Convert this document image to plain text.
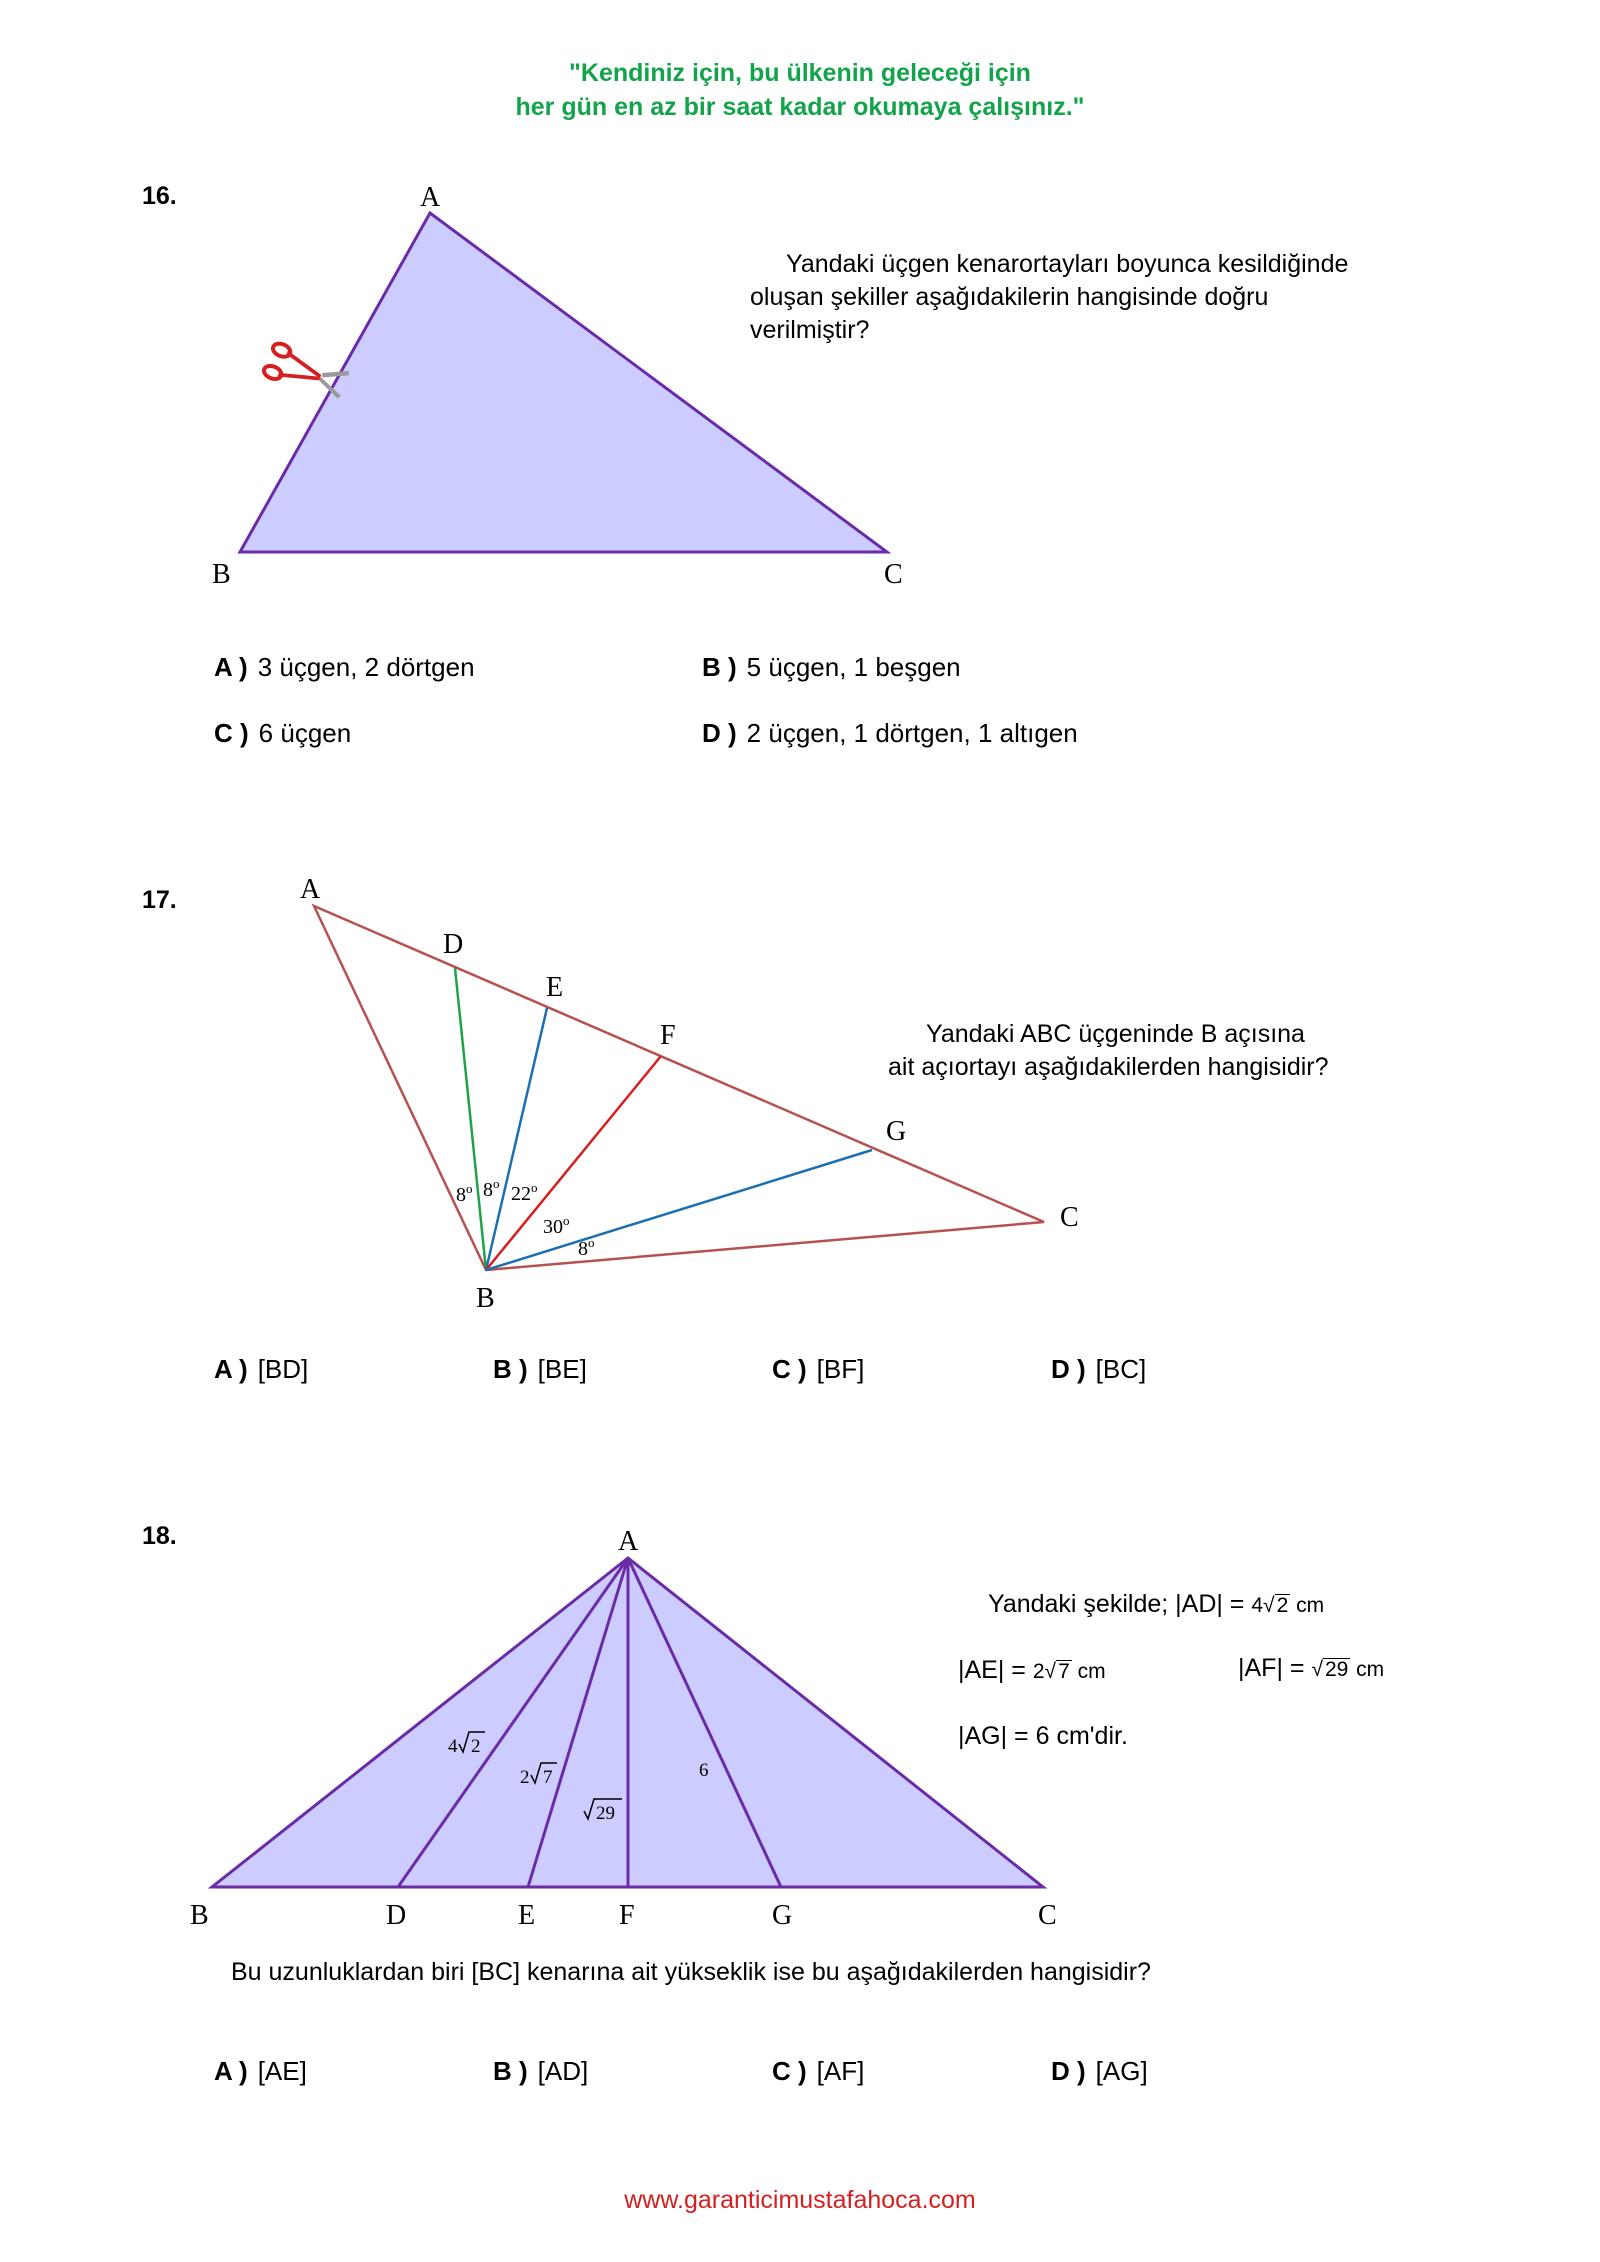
"Kendiniz için, bu ülkenin geleceği için
her gün en az bir saat kadar okumaya çalışınız."
16.	A
B	C
Yandaki üçgen kenarortayları boyunca kesildiğinde
oluşan şekiller aşağıdakilerin hangisinde doğru
verilmiştir?
A ) 3 üçgen, 2 dörtgen	B ) 5 üçgen, 1 beşgen
C ) 6 üçgen	D ) 2 üçgen, 1 dörtgen, 1 altıgen
17.	A
D
E
F
G
C
B
8$^o$ 8$^o$ 22$^o$
30$^o$
8$^o$
Yandaki ABC üçgeninde B açısına
ait açıortayı aşağıdakilerden hangisidir?
A ) [BD]	B ) [BE]	C ) [BF]	D ) [BC]
18.	A
B	D	E	F	G	C
4 2
2 7
29
6
Yandaki şekilde; |AD| = 4√2 cm
|AE| = 2√7 cm	|AF| = √29 cm
|AG| = 6 cm'dir.
Bu uzunluklardan biri [BC] kenarına ait yükseklik ise bu aşağıdakilerden hangisidir?
A ) [AE]	B ) [AD]	C ) [AF]	D ) [AG]
www.garanticimustafahoca.com
